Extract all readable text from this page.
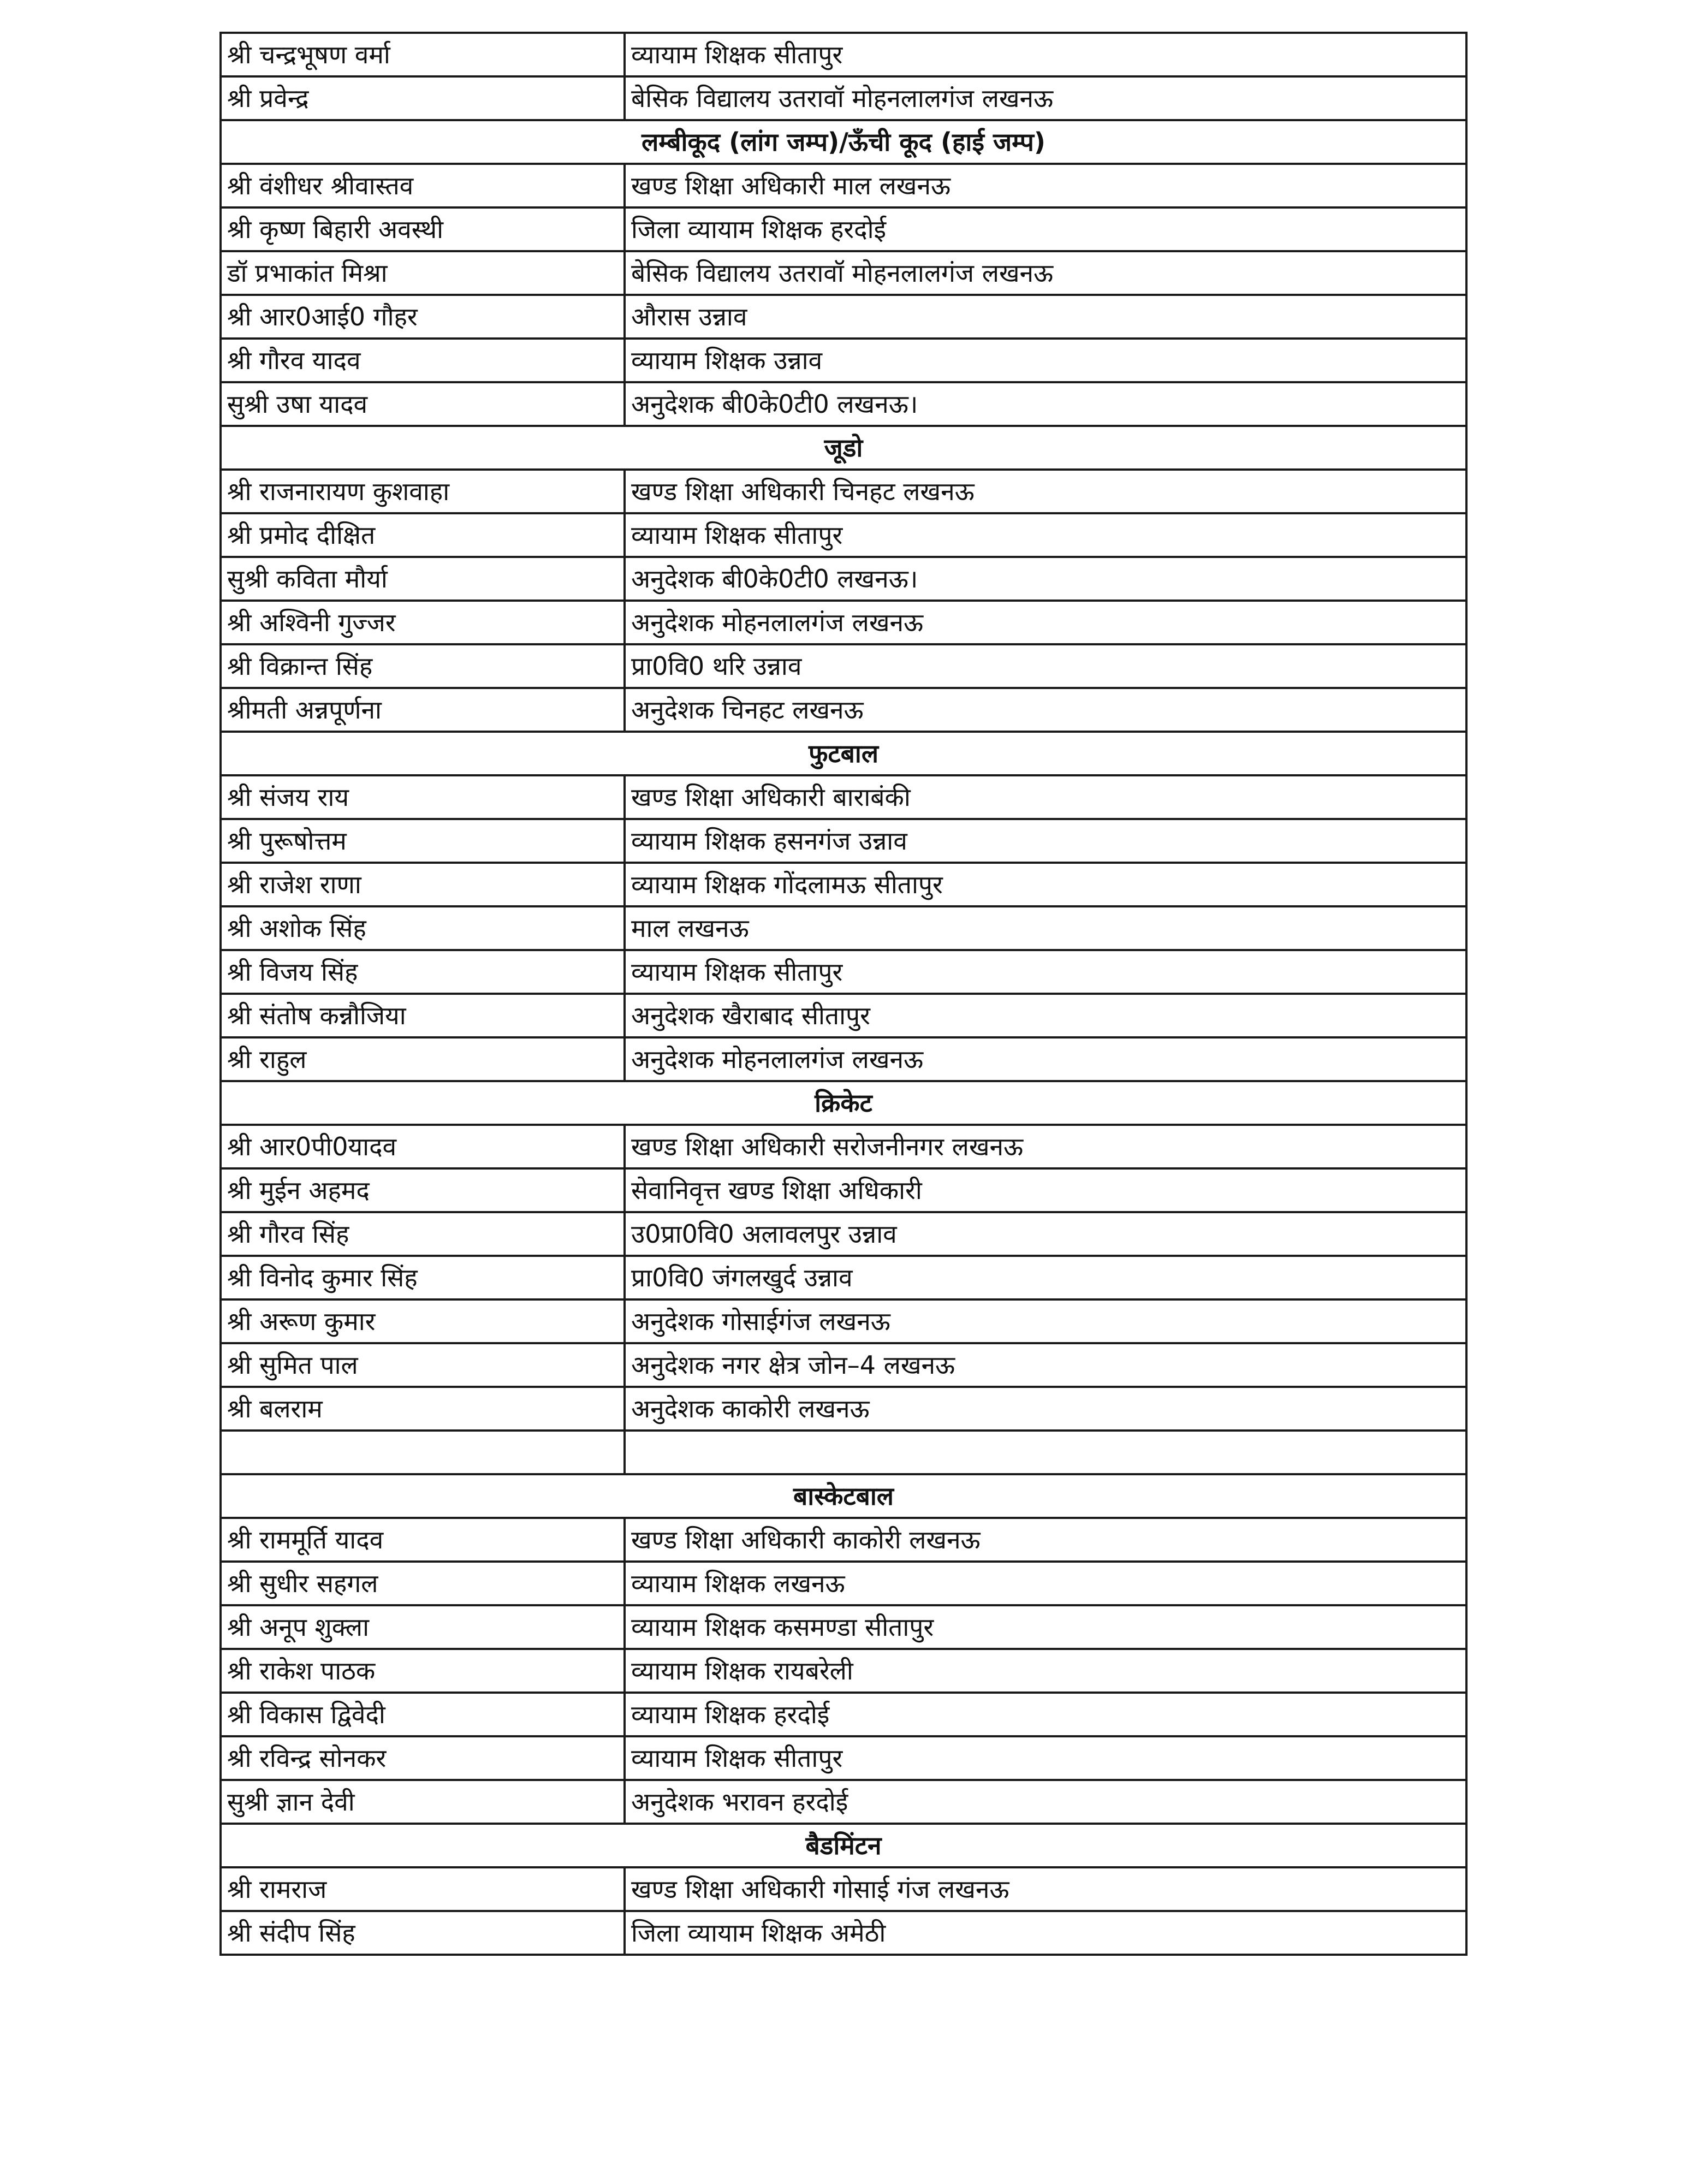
श्री चन्द्रभूषण वर्मा	व्यायाम शिक्षक सीतापुर
श्री प्रवेन्द्र	बेसिक विद्यालय उतरावॉ मोहनलालगंज लखनऊ
लम्बीकूद (लांग जम्प)/ऊँची कूद (हाई जम्प)	
श्री वंशीधर श्रीवास्तव	खण्ड शिक्षा अधिकारी माल लखनऊ
श्री कृष्ण बिहारी अवस्थी	जिला व्यायाम शिक्षक हरदोई
डॉ प्रभाकांत मिश्रा	बेसिक विद्यालय उतरावॉ मोहनलालगंज लखनऊ
श्री आर0आई0 गौहर	औरास उन्नाव
श्री गौरव यादव	व्यायाम शिक्षक उन्नाव
सुश्री उषा यादव	अनुदेशक बी0के0टी0 लखनऊ।
जूडो	
श्री राजनारायण कुशवाहा	खण्ड शिक्षा अधिकारी चिनहट लखनऊ
श्री प्रमोद दीक्षित	व्यायाम शिक्षक सीतापुर
सुश्री कविता मौर्या	अनुदेशक बी0के0टी0 लखनऊ।
श्री अश्विनी गुज्जर	अनुदेशक मोहनलालगंज लखनऊ
श्री विक्रान्त सिंह	प्रा0वि0 थरि उन्नाव
श्रीमती अन्नपूर्णना	अनुदेशक चिनहट लखनऊ
फुटबाल	
श्री संजय राय	खण्ड शिक्षा अधिकारी बाराबंकी
श्री पुरूषोत्तम	व्यायाम शिक्षक हसनगंज उन्नाव
श्री राजेश राणा	व्यायाम शिक्षक गोंदलामऊ सीतापुर
श्री अशोक सिंह	माल लखनऊ
श्री विजय सिंह	व्यायाम शिक्षक सीतापुर
श्री संतोष कन्नौजिया	अनुदेशक खैराबाद सीतापुर
श्री राहुल	अनुदेशक मोहनलालगंज लखनऊ
क्रिकेट	
श्री आर0पी0यादव	खण्ड शिक्षा अधिकारी सरोजनीनगर लखनऊ
श्री मुईन अहमद	सेवानिवृत्त खण्ड शिक्षा अधिकारी
श्री गौरव सिंह	उ0प्रा0वि0 अलावलपुर उन्नाव
श्री विनोद कुमार सिंह	प्रा0वि0 जंगलखुर्द उन्नाव
श्री अरूण कुमार	अनुदेशक गोसाईगंज लखनऊ
श्री सुमित पाल	अनुदेशक नगर क्षेत्र जोन–4 लखनऊ
श्री बलराम	अनुदेशक काकोरी लखनऊ

बास्केटबाल	
श्री राममूर्ति यादव	खण्ड शिक्षा अधिकारी काकोरी लखनऊ
श्री सुधीर सहगल	व्यायाम शिक्षक लखनऊ
श्री अनूप शुक्ला	व्यायाम शिक्षक कसमण्डा सीतापुर
श्री राकेश पाठक	व्यायाम शिक्षक रायबरेली
श्री विकास द्विवेदी	व्यायाम शिक्षक हरदोई
श्री रविन्द्र सोनकर	व्यायाम शिक्षक सीतापुर
सुश्री ज्ञान देवी	अनुदेशक भरावन हरदोई
बैडमिंटन	
श्री रामराज	खण्ड शिक्षा अधिकारी गोसाई गंज लखनऊ
श्री संदीप सिंह	जिला व्यायाम शिक्षक अमेठी
